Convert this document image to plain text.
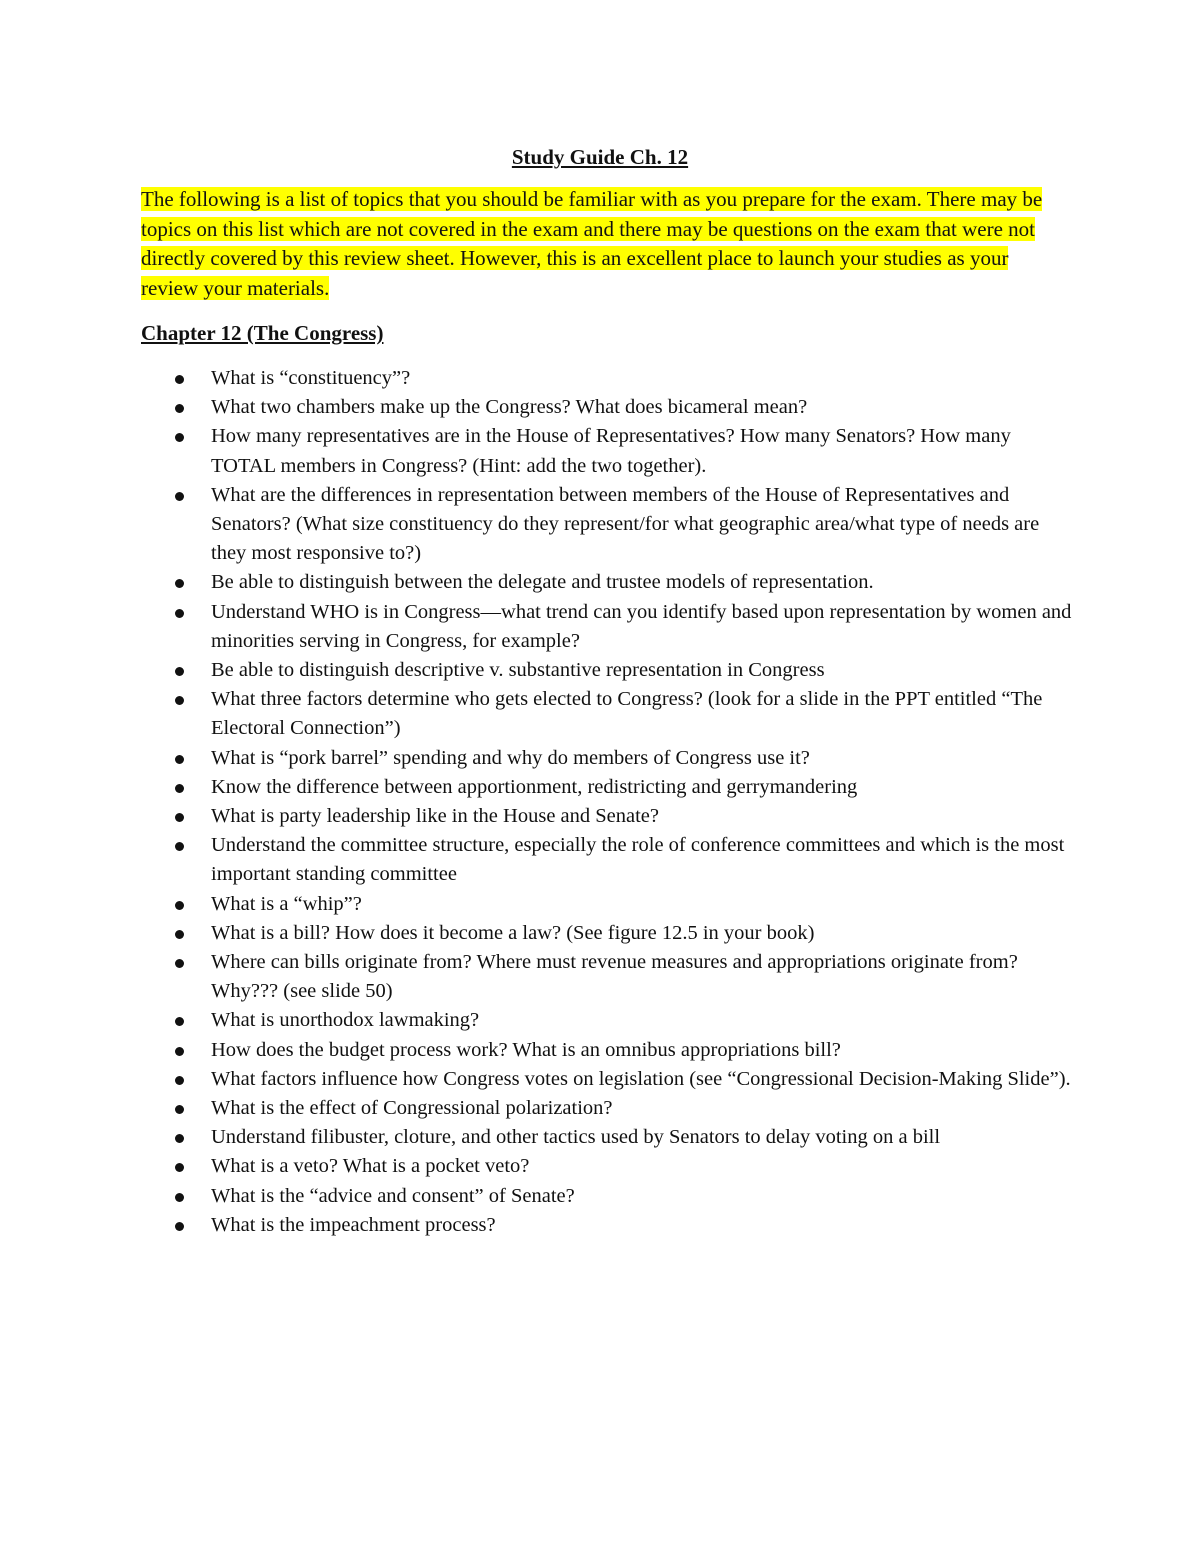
Study Guide Ch. 12
The following is a list of topics that you should be familiar with as you prepare for the exam. There may be topics on this list which are not covered in the exam and there may be questions on the exam that were not directly covered by this review sheet. However, this is an excellent place to launch your studies as your review your materials.
Chapter 12 (The Congress)
What is “constituency”?
What two chambers make up the Congress? What does bicameral mean?
How many representatives are in the House of Representatives? How many Senators? How many TOTAL members in Congress? (Hint: add the two together).
What are the differences in representation between members of the House of Representatives and Senators? (What size constituency do they represent/for what geographic area/what type of needs are they most responsive to?)
Be able to distinguish between the delegate and trustee models of representation.
Understand WHO is in Congress—what trend can you identify based upon representation by women and minorities serving in Congress, for example?
Be able to distinguish descriptive v. substantive representation in Congress
What three factors determine who gets elected to Congress? (look for a slide in the PPT entitled “The Electoral Connection”)
What is “pork barrel” spending and why do members of Congress use it?
Know the difference between apportionment, redistricting and gerrymandering
What is party leadership like in the House and Senate?
Understand the committee structure, especially the role of conference committees and which is the most important standing committee
What is a “whip”?
What is a bill? How does it become a law? (See figure 12.5 in your book)
Where can bills originate from? Where must revenue measures and appropriations originate from? Why??? (see slide 50)
What is unorthodox lawmaking?
How does the budget process work? What is an omnibus appropriations bill?
What factors influence how Congress votes on legislation (see “Congressional Decision-Making Slide”).
What is the effect of Congressional polarization?
Understand filibuster, cloture, and other tactics used by Senators to delay voting on a bill
What is a veto? What is a pocket veto?
What is the “advice and consent” of Senate?
What is the impeachment process?
